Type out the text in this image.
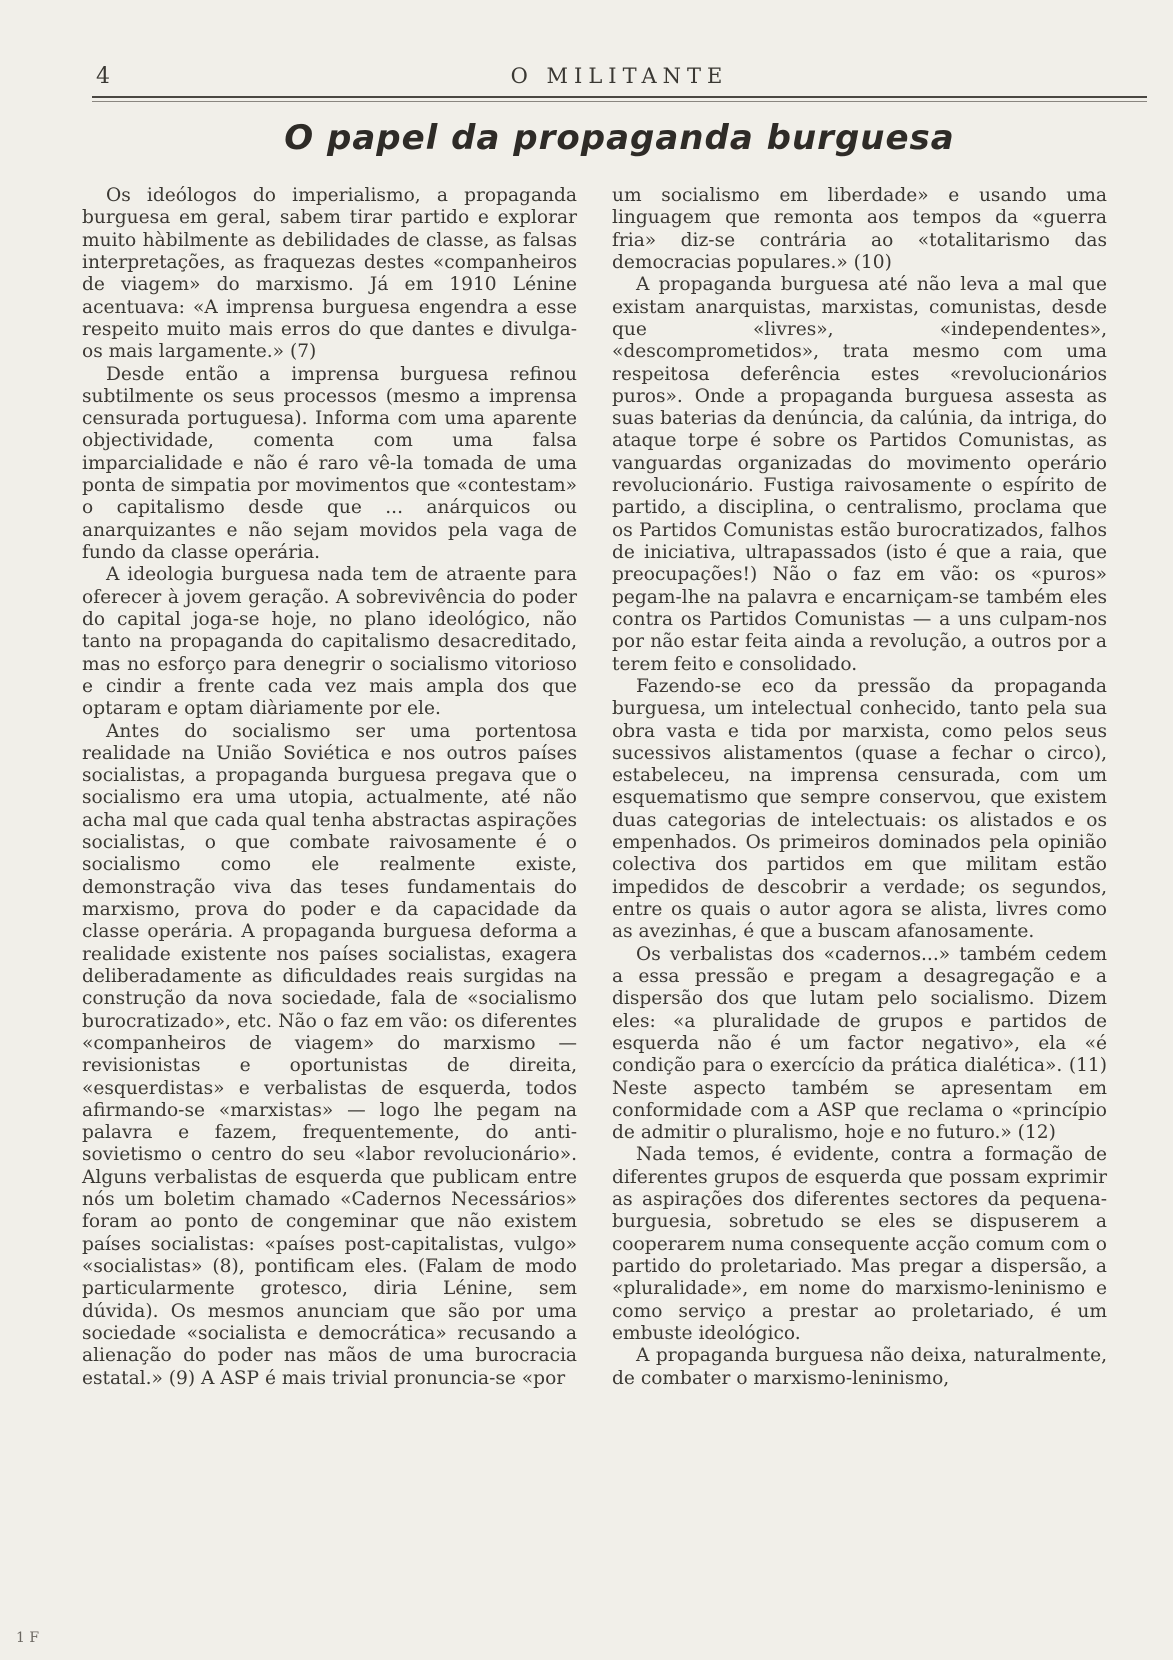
4	O MILITANTE
O papel da propaganda burguesa

Os ideólogos do imperialismo, a propaganda burguesa em geral, sabem tirar partido e explorar muito hàbilmente as debilidades de classe, as falsas interpretações, as fraquezas destes «companheiros de viagem» do marxismo. Já em 1910 Lénine acentuava: «A imprensa burguesa engendra a esse respeito muito mais erros do que dantes e divulga-os mais largamente.» (7)

Desde então a imprensa burguesa refinou subtilmente os seus processos (mesmo a imprensa censurada portuguesa). Informa com uma aparente objectividade, comenta com uma falsa imparcialidade e não é raro vê-la tomada de uma ponta de simpatia por movimentos que «contestam» o capitalismo desde que ... anárquicos ou anarquizantes e não sejam movidos pela vaga de fundo da classe operária.

A ideologia burguesa nada tem de atraente para oferecer à jovem geração. A sobrevivência do poder do capital joga-se hoje, no plano ideológico, não tanto na propaganda do capitalismo desacreditado, mas no esforço para denegrir o socialismo vitorioso e cindir a frente cada vez mais ampla dos que optaram e optam diàriamente por ele.

Antes do socialismo ser uma portentosa realidade na União Soviética e nos outros países socialistas, a propaganda burguesa pregava que o socialismo era uma utopia, actualmente, até não acha mal que cada qual tenha abstractas aspirações socialistas, o que combate raivosamente é o socialismo como ele realmente existe, demonstração viva das teses fundamentais do marxismo, prova do poder e da capacidade da classe operária. A propaganda burguesa deforma a realidade existente nos países socialistas, exagera deliberadamente as dificuldades reais surgidas na construção da nova sociedade, fala de «socialismo burocratizado», etc. Não o faz em vão: os diferentes «companheiros de viagem» do marxismo — revisionistas e oportunistas de direita, «esquerdistas» e verbalistas de esquerda, todos afirmando-se «marxistas» — logo lhe pegam na palavra e fazem, frequentemente, do anti-sovietismo o centro do seu «labor revolucionário». Alguns verbalistas de esquerda que publicam entre nós um boletim chamado «Cadernos Necessários» foram ao ponto de congeminar que não existem países socialistas: «países post-capitalistas, vulgo» «socialistas» (8), pontificam eles. (Falam de modo particularmente grotesco, diria Lénine, sem dúvida). Os mesmos anunciam que são por uma sociedade «socialista e democrática» recusando a alienação do poder nas mãos de uma burocracia estatal.» (9) A ASP é mais trivial pronuncia-se «por

um socialismo em liberdade» e usando uma linguagem que remonta aos tempos da «guerra fria» diz-se contrária ao «totalitarismo das democracias populares.» (10)

A propaganda burguesa até não leva a mal que existam anarquistas, marxistas, comunistas, desde que «livres», «independentes», «descomprometidos», trata mesmo com uma respeitosa deferência estes «revolucionários puros». Onde a propaganda burguesa assesta as suas baterias da denúncia, da calúnia, da intriga, do ataque torpe é sobre os Partidos Comunistas, as vanguardas organizadas do movimento operário revolucionário. Fustiga raivosamente o espírito de partido, a disciplina, o centralismo, proclama que os Partidos Comunistas estão burocratizados, falhos de iniciativa, ultrapassados (isto é que a raia, que preocupações!) Não o faz em vão: os «puros» pegam-lhe na palavra e encarniçam-se também eles contra os Partidos Comunistas — a uns culpam-nos por não estar feita ainda a revolução, a outros por a terem feito e consolidado.

Fazendo-se eco da pressão da propaganda burguesa, um intelectual conhecido, tanto pela sua obra vasta e tida por marxista, como pelos seus sucessivos alistamentos (quase a fechar o circo), estabeleceu, na imprensa censurada, com um esquematismo que sempre conservou, que existem duas categorias de intelectuais: os alistados e os empenhados. Os primeiros dominados pela opinião colectiva dos partidos em que militam estão impedidos de descobrir a verdade; os segundos, entre os quais o autor agora se alista, livres como as avezinhas, é que a buscam afanosamente.

Os verbalistas dos «cadernos...» também cedem a essa pressão e pregam a desagregação e a dispersão dos que lutam pelo socialismo. Dizem eles: «a pluralidade de grupos e partidos de esquerda não é um factor negativo», ela «é condição para o exercício da prática dialética». (11) Neste aspecto também se apresentam em conformidade com a ASP que reclama o «princípio de admitir o pluralismo, hoje e no futuro.» (12)

Nada temos, é evidente, contra a formação de diferentes grupos de esquerda que possam exprimir as aspirações dos diferentes sectores da pequena-burguesia, sobretudo se eles se dispuserem a cooperarem numa consequente acção comum com o partido do proletariado. Mas pregar a dispersão, a «pluralidade», em nome do marxismo-leninismo e como serviço a prestar ao proletariado, é um embuste ideológico.

A propaganda burguesa não deixa, naturalmente, de combater o marxismo-leninismo,

1 F
